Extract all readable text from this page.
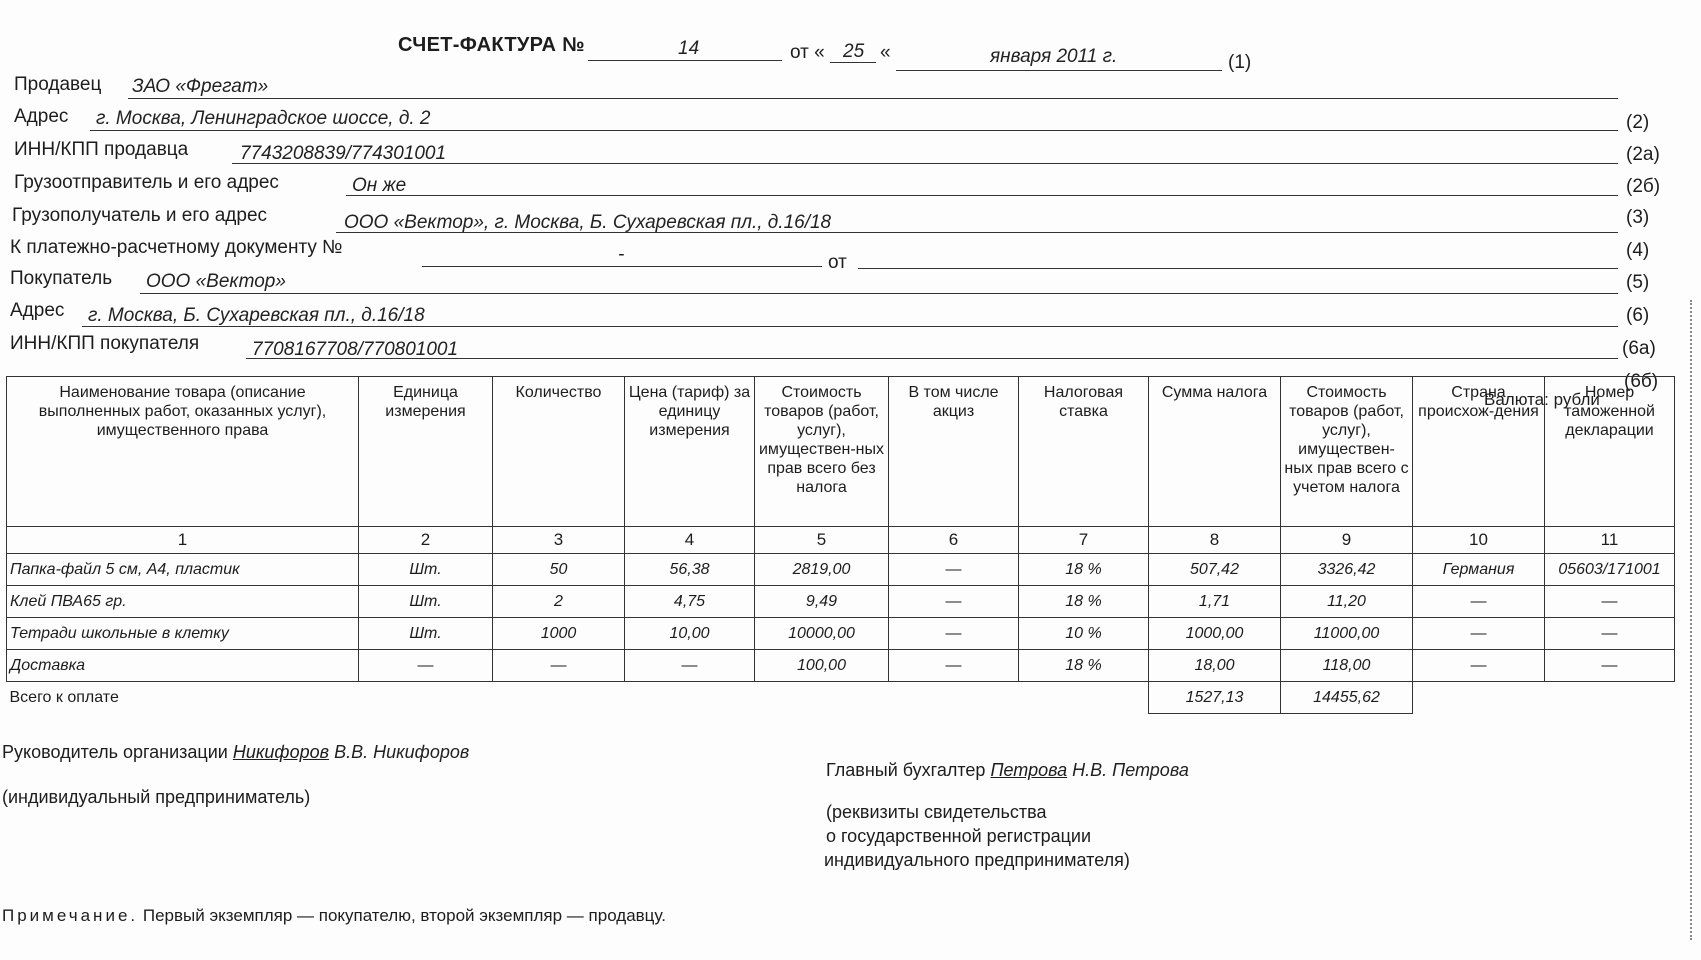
СЧЕТ-ФАКТУРА №	14	от « 25 «	января 2011 г.	(1)
Продавец ЗАО «Фрегат»
Адрес г. Москва, Ленинградское шоссе, д. 2	(2)
ИНН/КПП продавца	7743208839/774301001	(2а)
Грузоотправитель и его адрес	Он же	(2б)
Грузополучатель и его адрес	ООО «Вектор», г. Москва, Б. Сухаревская пл., д.16/18	(3)
К платежно-расчетному документу №	-	от
(4)
Покупатель ООО «Вектор»	(5)
Адрес г. Москва, Б. Сухаревская пл., д.16/18	(6)
ИНН/КПП покупателя	7708167708/770801001	(6а)
(6б)
Валюта: рубли
Наименование товара (описание выполненных работ, оказанных услуг), имущественного права	Единица измерения	Количество	Цена (тариф) за единицу измерения	Стоимость товаров (работ, услуг), имуществен-ных прав всего без налога	В том числе акциз	Налоговая ставка	Сумма налога	Стоимость товаров (работ, услуг), имуществен-ных прав всего с учетом налога	Страна происхож-дения	Номер таможенной декларации
1	2	3	4	5	6	7	8	9	10	11
Папка-файл 5 см, А4, пластик	Шт.	50	56,38	2819,00	—	18 %	507,42	3326,42	Германия	05603/171001
Клей ПВА65 гр.	Шт.	2	4,75	9,49	—	18 %	1,71	11,20	—	—
Тетради школьные в клетку	Шт.	1000	10,00	10000,00	—	10 %	1000,00	11000,00	—	—
Доставка	—	—	—	100,00	—	18 %	18,00	118,00	—	—
Всего к оплате							1527,13	14455,62		
Руководитель организации Никифоров В.В. Никифоров
(индивидуальный предприниматель)
Главный бухгалтер Петрова Н.В. Петрова
(реквизиты свидетельства
о государственной регистрации
индивидуального предпринимателя)
Примечание. Первый экземпляр — покупателю, второй экземпляр — продавцу.
